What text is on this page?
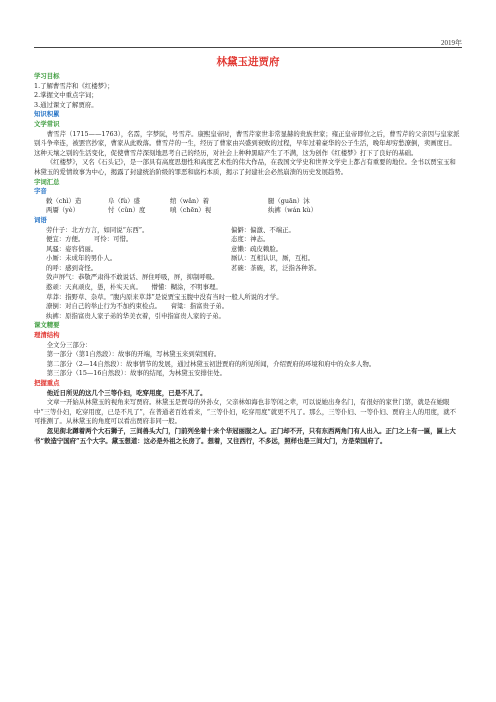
2019年
林黛玉进贾府
学习目标

1.了解曹雪芹和《红楼梦》；

2.掌握文中重点字词；

3.通过课文了解贾府。

知识积累
文学常识

曹雪芹（1715——1763），名霑，字梦阮，号雪芹。康熙皇帝时，曹雪芹家世非常显赫的贵族世家；雍正皇帝即位之后，曹雪芹的父亲因与皇家派别斗争牵连，被罢官抄家，曹家从此败落。曹雪芹的一生，经历了曹家由兴盛到衰败的过程，早年过着豪华的公子生活，晚年却穷愁潦倒，卖画度日。这种天壤之别的生活变化，促使曹雪芹深刻地思考自己的经历，对社会上种种黑暗产生了不满，这为创作《红楼梦》打下了良好的基础。

《红楼梦》，又名《石头记》，是一部具有高度思想性和高度艺术性的伟大作品，在我国文学史和世界文学史上都占有重要的地位。全书以贾宝玉和林黛玉的爱情故事为中心，揭露了封建统治阶级的罪恶和腐朽本质，揭示了封建社会必然崩溃的历史发展趋势。

字词汇总
字音
敕（chì）造	阜（fù）盛	绾（wǎn）着	腿（guān）沐
两靥（yè）	忖（cǔn）度	嗔（chēn）视	纨裤（wán kù）
词语
劳什子：北方方言，如同说“东西”。	偏僻：偏激、不端正。
便宜：方便。　　可怜：可惜。	态度：神态。
风骚：姿容俏丽。	意懒：疏皮赖脸。
小厮：未成年的男仆人。	厮认：互相认识，厮，互相。
的呼：感到奇怪。	茗碗：茶碗，茗，泛指各种茶。

敛声屏气：恭敬严肃得不敢说话、屏住呼吸，屏，抑制呼吸。

憨顽：天真顽皮，愚，朴实天真。　　懵懂：糊涂，不明事理。

草莽：指野草、杂草。“腹内原来草莽”是说贾宝玉腹中没有当时一般人所说的才学。

潦倒：对自己的举止行为不加约束检点。　　膏粱：指富贵子弟。

纨裤：原指富贵人家子弟的华美衣着，引申指富贵人家的子弟。

课文精要
理清结构

全文分三部分：

第一部分（第1自然段）：故事的开端，写林黛玉来到荣国府。

第二部分（2—14自然段）：故事情节的发展，通过林黛玉初进贾府的所见所闻，介绍贾府的环境和府中的众多人物。

第三部分（15—16自然段）：故事的结尾，为林黛玉安排住处。

把握重点

他近日所见的这几个三等仆妇，吃穿用度，已是不凡了。

文章一开始从林黛玉的视角来写贾府。林黛玉是贾母的外孙女，父亲林如海也非等闲之辈，可以说她出身名门，有很好的家世门第，就是在她眼中“三等仆妇，吃穿用度，已是不凡了”，在普通老百姓看来，“三等仆妇，吃穿用度”就更不凡了。那么，三等仆妇、一等仆妇、贾府主人的用度，就不可推测了。从林黛玉的角度可以看出贾府非同一般。

忽见街北蹲着两个大石狮子，三间兽头大门，门前列坐着十来个华冠丽服之人。正门却不开，只有东西两角门有人出入。正门之上有一匾，匾上大书“敕造宁国府”五个大字。黛玉想道：这必是外祖之长房了。想着，又往西行，不多远，照样也是三间大门，方是荣国府了。
